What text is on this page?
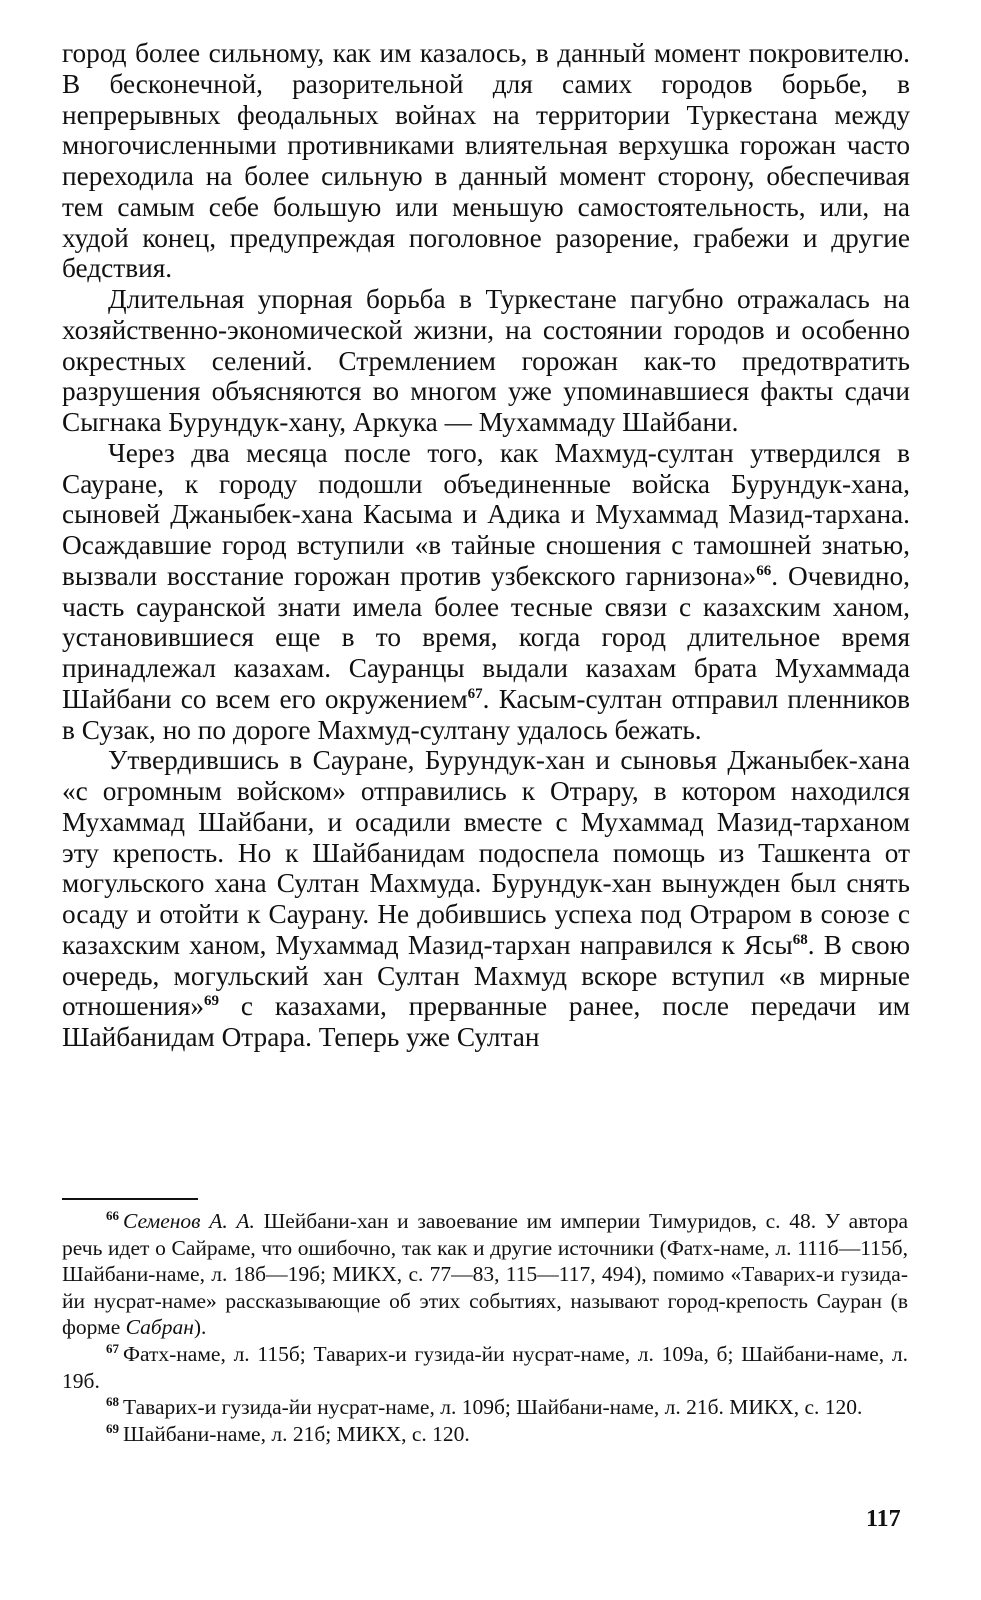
город более сильному, как им казалось, в данный момент покровителю. В бесконечной, разорительной для самих городов борьбе, в непрерывных феодальных войнах на территории Туркестана между многочисленными противниками влиятельная верхушка горожан часто переходила на более сильную в данный момент сторону, обеспечивая тем самым себе большую или меньшую самостоятельность, или, на худой конец, предупреждая поголовное разорение, грабежи и другие бедствия.

Длительная упорная борьба в Туркестане пагубно отражалась на хозяйственно-экономической жизни, на состоянии городов и особенно окрестных селений. Стремлением горожан как-то предотвратить разрушения объясняются во многом уже упоминавшиеся факты сдачи Сыгнака Бурундук-хану, Аркука — Мухаммаду Шайбани.

Через два месяца после того, как Махмуд-султан утвердился в Сауране, к городу подошли объединенные войска Бурундук-хана, сыновей Джаныбек-хана Касыма и Адика и Мухаммад Мазид-тархана. Осаждавшие город вступили «в тайные сношения с тамошней знатью, вызвали восстание горожан против узбекского гарнизона»$^{66}$. Очевидно, часть сауранской знати имела более тесные связи с казахским ханом, установившиеся еще в то время, когда город длительное время принадлежал казахам. Сауранцы выдали казахам брата Мухаммада Шайбани со всем его окружением$^{67}$. Касым-султан отправил пленников в Сузак, но по дороге Махмуд-султану удалось бежать.

Утвердившись в Сауране, Бурундук-хан и сыновья Джаныбек-хана «с огромным войском» отправились к Отрару, в котором находился Мухаммад Шайбани, и осадили вместе с Мухаммад Мазид-тарханом эту крепость. Но к Шайбанидам подоспела помощь из Ташкента от могульского хана Султан Махмуда. Бурундук-хан вынужден был снять осаду и отойти к Саурану. Не добившись успеха под Отраром в союзе с казахским ханом, Мухаммад Мазид-тархан направился к Ясы$^{68}$. В свою очередь, могульский хан Султан Махмуд вскоре вступил «в мирные отношения»$^{69}$ с казахами, прерванные ранее, после передачи им Шайбанидам Отрара. Теперь уже Султан

$^{66}$ Семенов А. А. Шейбани-хан и завоевание им империи Тимуридов, с. 48. У автора речь идет о Сайраме, что ошибочно, так как и другие источники (Фатх-наме, л. 111б—115б, Шайбани-наме, л. 18б—19б; МИКХ, с. 77—83, 115—117, 494), помимо «Таварих-и гузида-йи нусрат-наме» рассказывающие об этих событиях, называют город-крепость Сауран (в форме Сабран).

$^{67}$ Фатх-наме, л. 115б; Таварих-и гузида-йи нусрат-наме, л. 109а, б; Шайбани-наме, л. 19б.

$^{68}$ Таварих-и гузида-йи нусрат-наме, л. 109б; Шайбани-наме, л. 21б. МИКХ, с. 120.

$^{69}$ Шайбани-наме, л. 21б; МИКХ, с. 120.

117
